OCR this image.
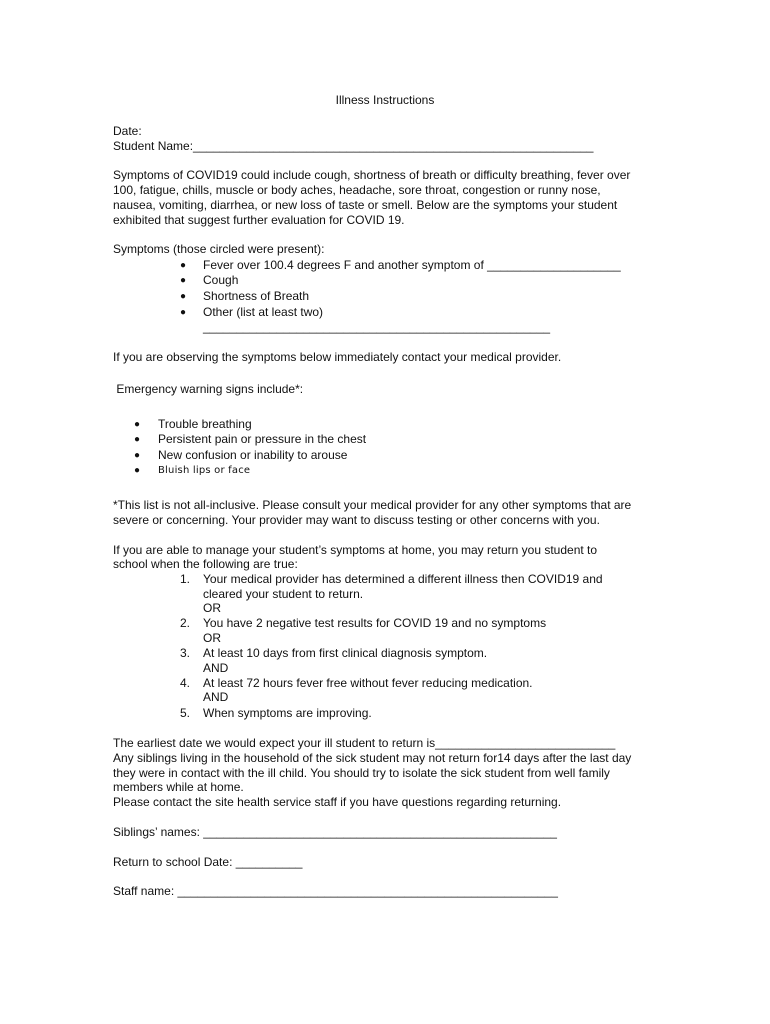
Illness Instructions
Date:
Student Name:____________________________________________________________
Symptoms of COVID19 could include cough, shortness of breath or difficulty breathing, fever over
100, fatigue, chills, muscle or body aches, headache, sore throat, congestion or runny nose,
nausea, vomiting, diarrhea, or new loss of taste or smell. Below are the symptoms your student
exhibited that suggest further evaluation for COVID 19.
Symptoms (those circled were present):
● Fever over 100.4 degrees F and another symptom of ____________________
● Cough
● Shortness of Breath
● Other (list at least two)
____________________________________________________
If you are observing the symptoms below immediately contact your medical provider.
Emergency warning signs include*:
● Trouble breathing
● Persistent pain or pressure in the chest
● New confusion or inability to arouse
● Bluish lips or face
*This list is not all-inclusive. Please consult your medical provider for any other symptoms that are
severe or concerning. Your provider may want to discuss testing or other concerns with you.
If you are able to manage your student’s symptoms at home, you may return you student to
school when the following are true:
1. Your medical provider has determined a different illness then COVID19 and
cleared your student to return.
OR
2. You have 2 negative test results for COVID 19 and no symptoms
OR
3. At least 10 days from first clinical diagnosis symptom.
AND
4. At least 72 hours fever free without fever reducing medication.
AND
5. When symptoms are improving.
The earliest date we would expect your ill student to return is___________________________
Any siblings living in the household of the sick student may not return for14 days after the last day
they were in contact with the ill child. You should try to isolate the sick student from well family
members while at home.
Please contact the site health service staff if you have questions regarding returning.
Siblings’ names: _____________________________________________________
Return to school Date: __________
Staff name: _________________________________________________________
